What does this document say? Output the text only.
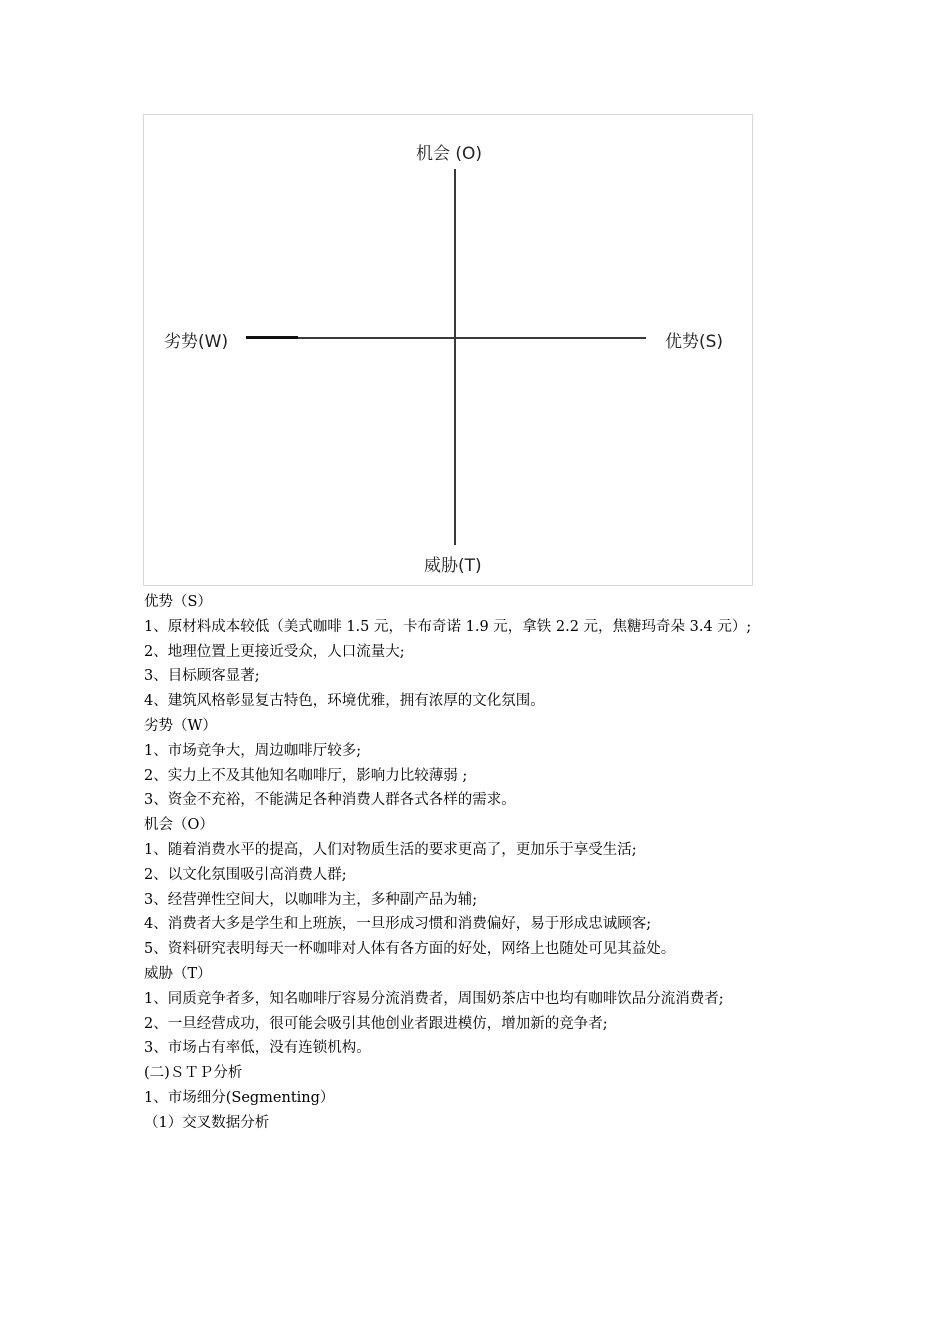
机会 (O)
劣势(W)	优势(S)
威胁(T)
优势（S）
1、原材料成本较低（美式咖啡 1.5 元，卡布奇诺 1.9 元，拿铁 2.2 元，焦糖玛奇朵 3.4 元）;
2、地理位置上更接近受众，人口流量大;
3、目标顾客显著;
4、建筑风格彰显复古特色，环境优雅，拥有浓厚的文化氛围。
劣势（W）
1、市场竞争大，周边咖啡厅较多;
2、实力上不及其他知名咖啡厅，影响力比较薄弱 ;
3、资金不充裕，不能满足各种消费人群各式各样的需求。
机会（O）
1、随着消费水平的提高，人们对物质生活的要求更高了，更加乐于享受生活;
2、以文化氛围吸引高消费人群;
3、经营弹性空间大，以咖啡为主，多种副产品为辅;
4、消费者大多是学生和上班族，一旦形成习惯和消费偏好，易于形成忠诚顾客;
5、资料研究表明每天一杯咖啡对人体有各方面的好处，网络上也随处可见其益处。
威胁（T）
1、同质竞争者多，知名咖啡厅容易分流消费者，周围奶茶店中也均有咖啡饮品分流消费者;
2、一旦经营成功，很可能会吸引其他创业者跟进模仿，增加新的竞争者;
3、市场占有率低，没有连锁机构。
(二)ＳＴＰ分析
1、市场细分(Segmenting）
（1）交叉数据分析
